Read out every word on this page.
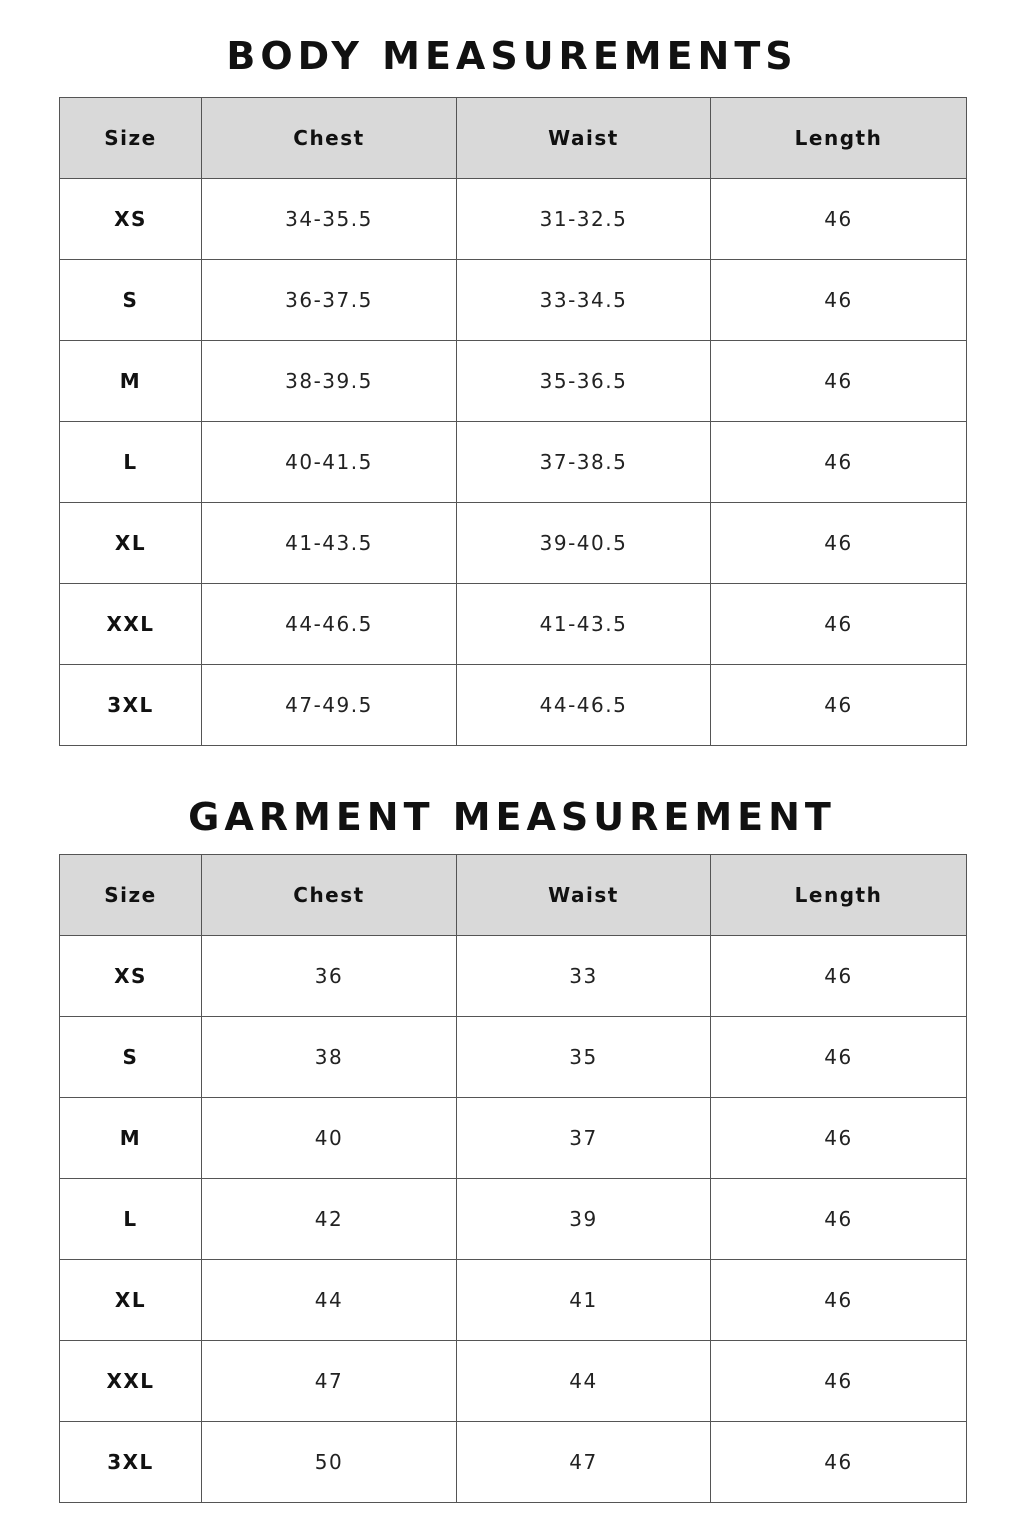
BODY MEASUREMENTS
Size	Chest	Waist	Length
XS	34-35.5	31-32.5	46
S	36-37.5	33-34.5	46
M	38-39.5	35-36.5	46
L	40-41.5	37-38.5	46
XL	41-43.5	39-40.5	46
XXL	44-46.5	41-43.5	46
3XL	47-49.5	44-46.5	46
GARMENT MEASUREMENT
Size	Chest	Waist	Length
XS	36	33	46
S	38	35	46
M	40	37	46
L	42	39	46
XL	44	41	46
XXL	47	44	46
3XL	50	47	46
